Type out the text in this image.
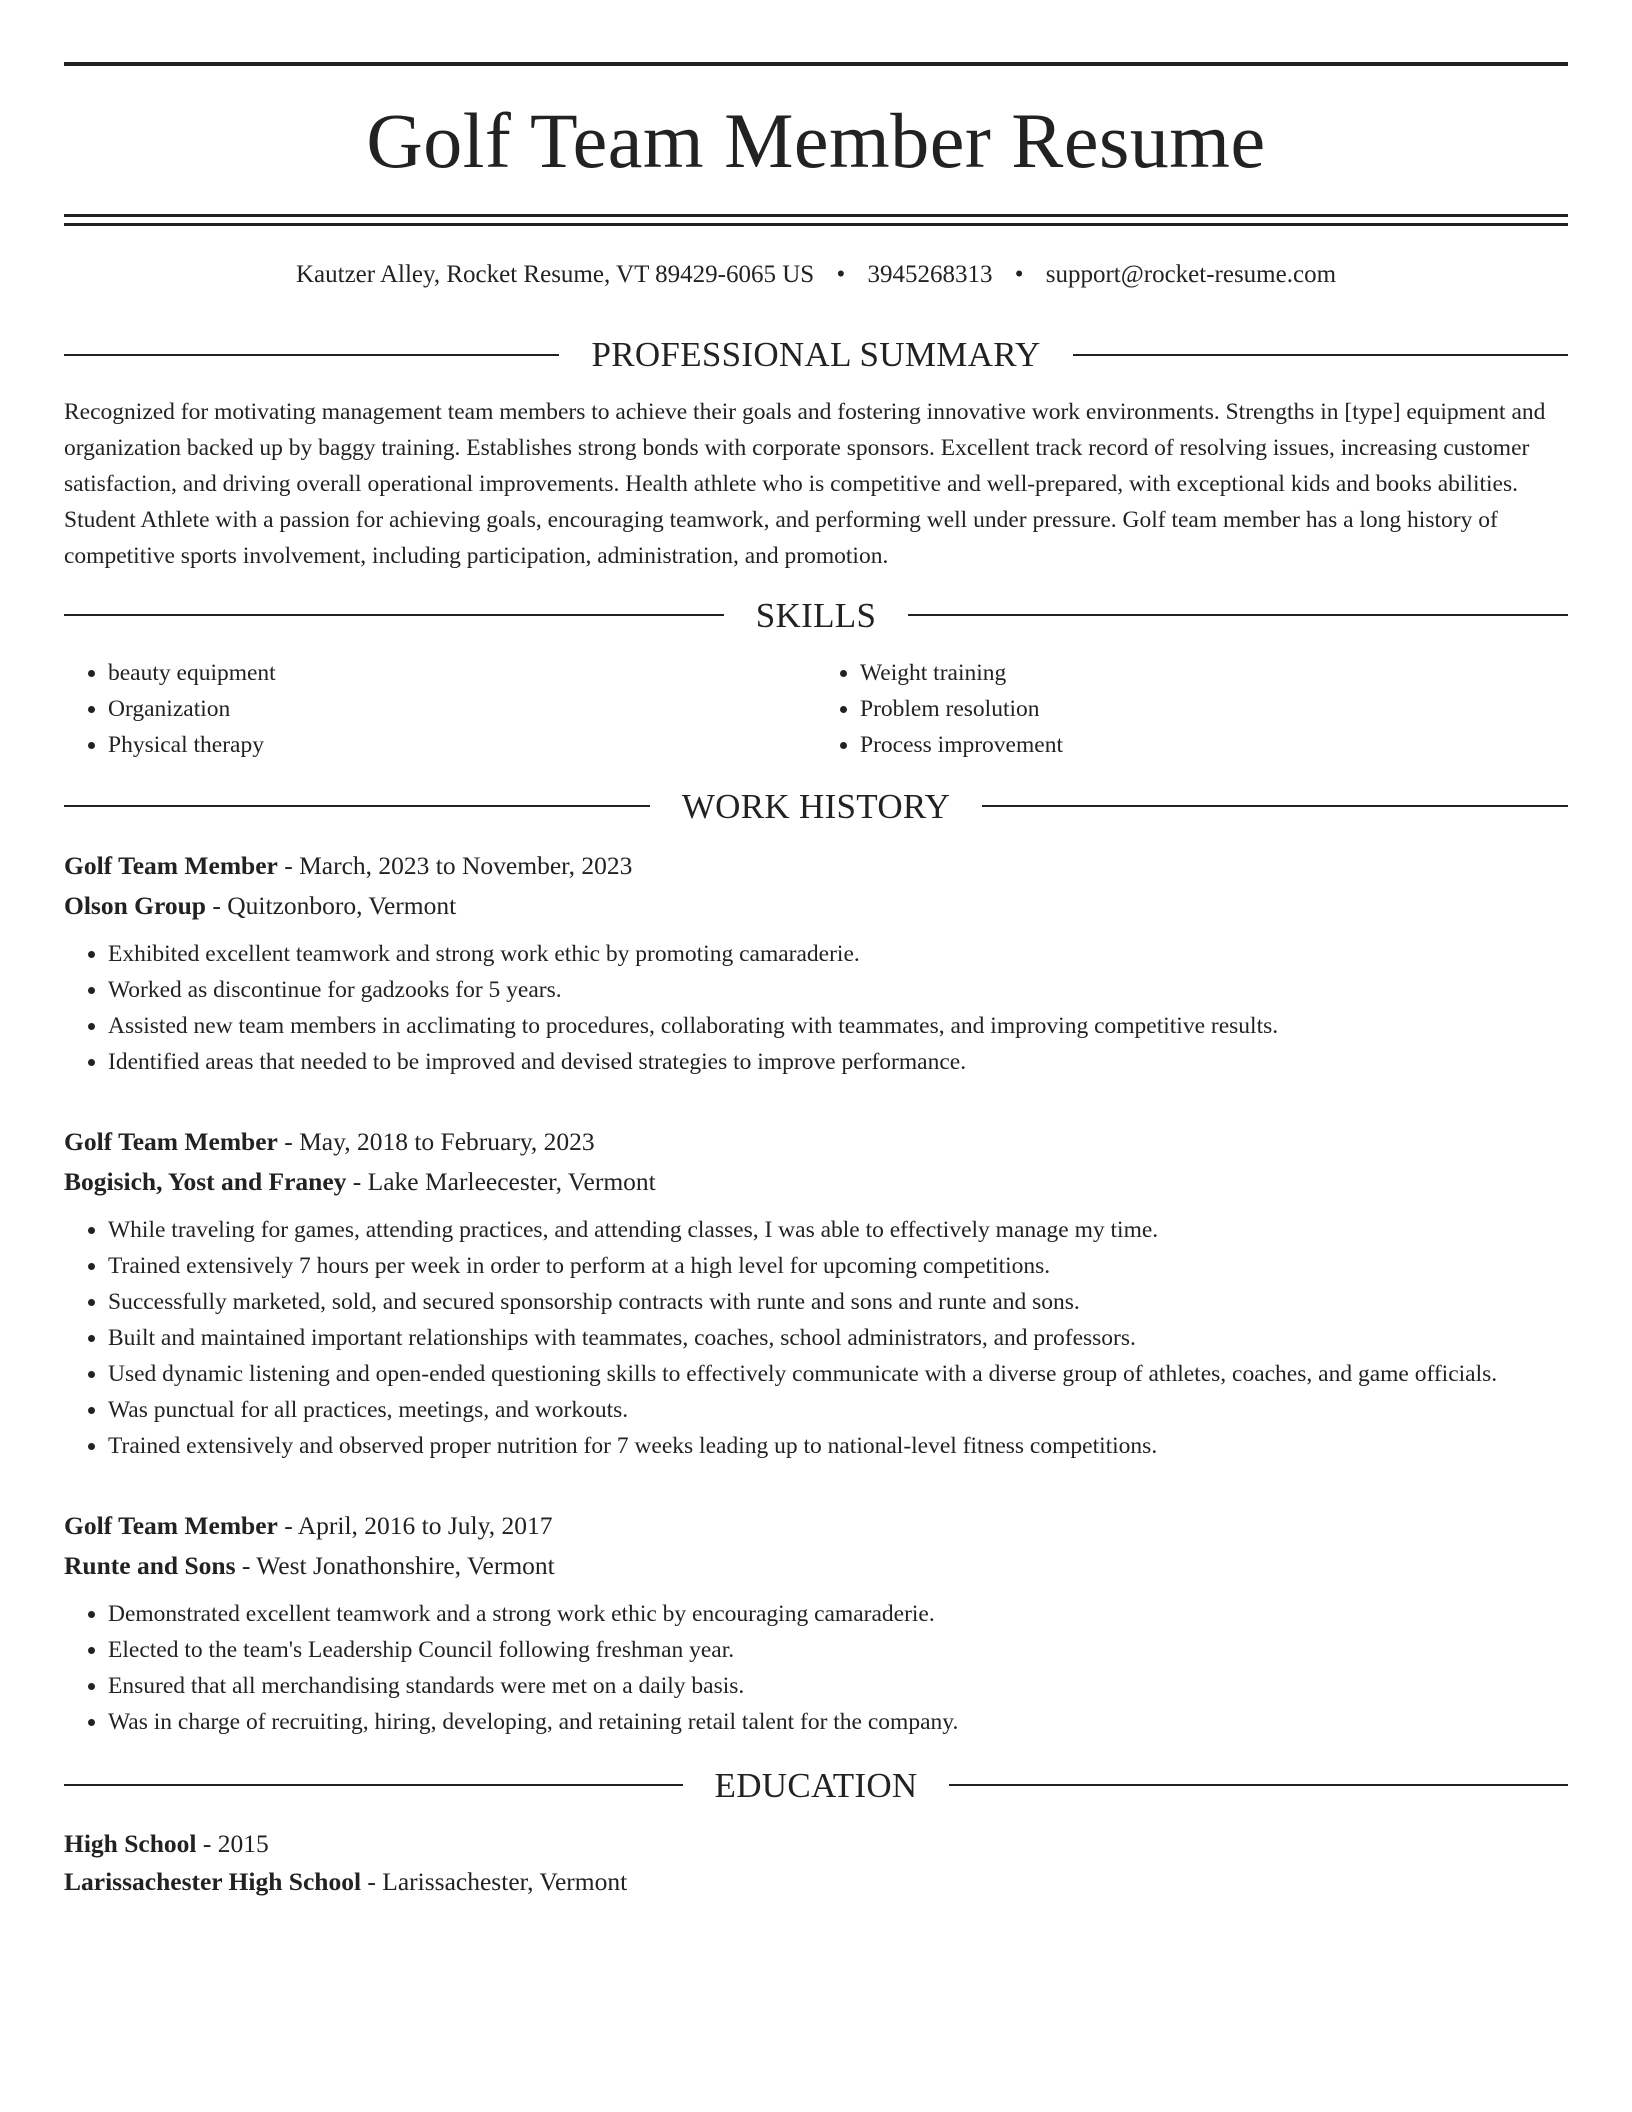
Golf Team Member Resume
Kautzer Alley, Rocket Resume, VT 89429-6065 US • 3945268313 • support@rocket-resume.com
PROFESSIONAL SUMMARY

Recognized for motivating management team members to achieve their goals and fostering innovative work environments. Strengths in [type] equipment and organization backed up by baggy training. Establishes strong bonds with corporate sponsors. Excellent track record of resolving issues, increasing customer satisfaction, and driving overall operational improvements. Health athlete who is competitive and well-prepared, with exceptional kids and books abilities. Student Athlete with a passion for achieving goals, encouraging teamwork, and performing well under pressure. Golf team member has a long history of competitive sports involvement, including participation, administration, and promotion.

SKILLS
• beauty equipment
• Organization
• Physical therapy
• Weight training
• Problem resolution
• Process improvement
WORK HISTORY
Golf Team Member - March, 2023 to November, 2023
Olson Group - Quitzonboro, Vermont
• Exhibited excellent teamwork and strong work ethic by promoting camaraderie.
• Worked as discontinue for gadzooks for 5 years.
• Assisted new team members in acclimating to procedures, collaborating with teammates, and improving competitive results.
• Identified areas that needed to be improved and devised strategies to improve performance.
Golf Team Member - May, 2018 to February, 2023
Bogisich, Yost and Franey - Lake Marleecester, Vermont
• While traveling for games, attending practices, and attending classes, I was able to effectively manage my time.
• Trained extensively 7 hours per week in order to perform at a high level for upcoming competitions.
• Successfully marketed, sold, and secured sponsorship contracts with runte and sons and runte and sons.
• Built and maintained important relationships with teammates, coaches, school administrators, and professors.
• Used dynamic listening and open-ended questioning skills to effectively communicate with a diverse group of athletes, coaches, and game officials.
• Was punctual for all practices, meetings, and workouts.
• Trained extensively and observed proper nutrition for 7 weeks leading up to national-level fitness competitions.
Golf Team Member - April, 2016 to July, 2017
Runte and Sons - West Jonathonshire, Vermont
• Demonstrated excellent teamwork and a strong work ethic by encouraging camaraderie.
• Elected to the team's Leadership Council following freshman year.
• Ensured that all merchandising standards were met on a daily basis.
• Was in charge of recruiting, hiring, developing, and retaining retail talent for the company.
EDUCATION
High School - 2015
Larissachester High School - Larissachester, Vermont
